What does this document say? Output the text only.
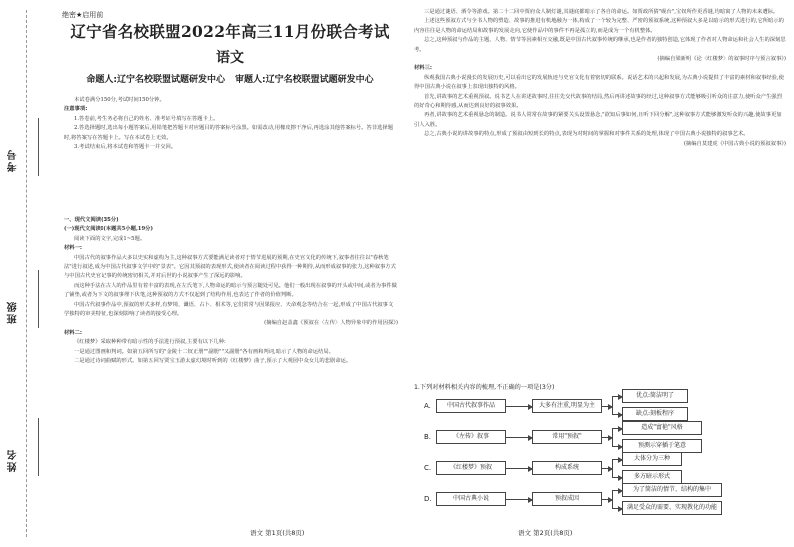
考号
班级
姓名
绝密★启用前
辽宁省名校联盟2022年高三11月份联合考试
语文
命题人:辽宁名校联盟试题研发中心 审题人:辽宁名校联盟试题研发中心

本试卷满分150分,考试时间150分钟。

注意事项:

1.答卷前,考生务必将自己的姓名、准考证号填写在答题卡上。

2.答选择题时,选出每小题答案后,用铅笔把答题卡对应题目的答案标号涂黑。如需改动,用橡皮擦干净后,再选涂其他答案标号。答非选择题时,将答案写在答题卡上。写在本试卷上无效。

3.考试结束后,将本试卷和答题卡一并交回。

一、现代文阅读(35分)

(一)现代文阅读Ⅰ(本题共5小题,19分)

阅读下面的文字,完成1~5题。

材料一:

中国古代的叙事作品大多以史实和虚构为主,这种叙事方式要能满足读者对于情节进展的预期,在史官文化的传统下,叙事者往往以"春秋笔法"进行叙述,成为中国古代叙事文学中的"景表"。它因其预叙的表现形式,使读者在阅读过程中获得一种期待,从而形成叙事的张力,这种叙事方式与中国古代史官记事的传统密切相关,并对后世的小说叙事产生了深远的影响。

而这种手法在古人的作品里有着丰富的表现,在左氏笔下,人物命运的暗示与预言随处可见。他们一般出现在叙事的开头或中间,或者为事件做了铺垫,或者为下文的叙事埋下伏笔,这种预叙的方式不仅起到了结构作用,也表达了作者的价值判断。

中国古代叙事作品中,预叙的形式多样,有梦境、谶语、占卜、相术等,它们常常与因果报应、天命观念等结合在一起,形成了中国古代叙事文学独特的审美特征,也深刻影响了读者的接受心理。

(摘编自赵盖鑫《预叙在〈左传〉人物异象中的作用因探》)

材料二:

《红楼梦》采取种种带有暗示性的手法进行预叙,主要有以下几种:

一是通过图画和判词。如第五回所写的"金陵十二钗正册""副册""又副册"各有画和判词,暗示了人物的命运结局。

二是通过诗词曲赋的形式。如第五回写贾宝玉游太虚幻境时听到的《红楼梦》曲子,预示了大观园中众女儿的悲剧命运。

语文 第1页(共8页)

三是通过谜语、酒令等游戏。第二十二回中贾府众人制灯谜,其谜底都暗示了各自的命运。如贾政所猜"砚台",宝钗所作更香谜,均暗寓了人物的未来遭际。

上述这些预叙方式与全书人物的塑造、故事的推进有机地融为一体,构成了一个较为完整、严密的预叙系统,这种预叙大多是以暗示的形式进行的,它所暗示的内容往往是人物的命运结局和故事的发展走向,它使作品中的事件不再是孤立的,而是成为一个有机整体。

总之,这种预叙与作品的主题、人物、情节等因素相互交融,既是中国古代叙事传统的继承,也是作者的独特创造,它体现了作者对人物命运和社会人生的深刻思考。

(摘编自梁新明《论〈红楼梦〉的叙事时序与预言叙事》)

材料三:

纵观我国古典小说漫长的发展历史,可以看出它的发展轨迹与史官文化有着密切的联系。说话艺术的兴起和发展,为古典小说提供了丰富的素材和叙事经验,使得中国古典小说在叙事上表现出独特的风格。

首先,讲故事的艺术重视预叙。说书艺人在讲述故事时,往往先交代故事的结局,然后再讲述故事的经过,这种叙事方式能够吸引听众的注意力,使听众产生强烈的好奇心和期待感,从而达到良好的叙事效果。

再者,讲故事的艺术重视悬念的制造。说书人常常在故事的紧要关头设置悬念,"欲知后事如何,且听下回分解",这种叙事方式能够激发听众的兴趣,使故事更加引人入胜。

总之,古典小说的讲故事的特点,形成了预叙由短到长的特点,表现为对时间的掌握和对事件关系的处理,体现了中国古典小说独特的叙事艺术。

(摘编自莫建虎《中国古典小说的预叙叙事》)

1.下列对材料相关内容的梳理,不正确的一项是(3分)
A.	中国古代叙事作品	大多有注重,明显为主
优点:简洁明了
缺点:刻板程序
B.	《左传》叙事	常用"预叙"
造成"富艳"风格
预测示穿插于笔意
C.	《红楼梦》预叙	构成系统
大体分为三种
多方暗示形式
D.	中国古典小说	预叙成因
为了简洁的情节、结构的集中
满足受众的需要、实现教化的功能
语文 第2页(共8页)
